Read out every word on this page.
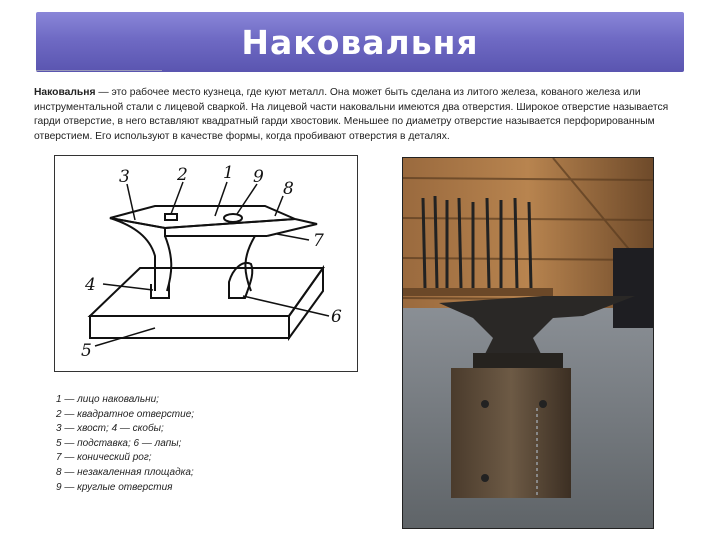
Наковальня
Наковальня — это рабочее место кузнеца, где куют металл. Она может быть сделана из литого железа, кованого железа или инструментальной стали с лицевой сваркой. На лицевой части наковальни имеются два отверстия. Широкое отверстие называется гарди отверстие, в него вставляют квадратный гарди хвостовик. Меньшее по диаметру отверстие называется перфорированным отверстием. Его используют в качестве формы, когда пробивают отверстия в деталях.
1
2
3
4
5
6
7
8
9
1 — лицо наковальни;
2 — квадратное отверстие;
3 — хвост; 4 — скобы;
5 — подставка; 6 — лапы;
7 — конический рог;
8 — незакаленная площадка;
9 — круглые отверстия
